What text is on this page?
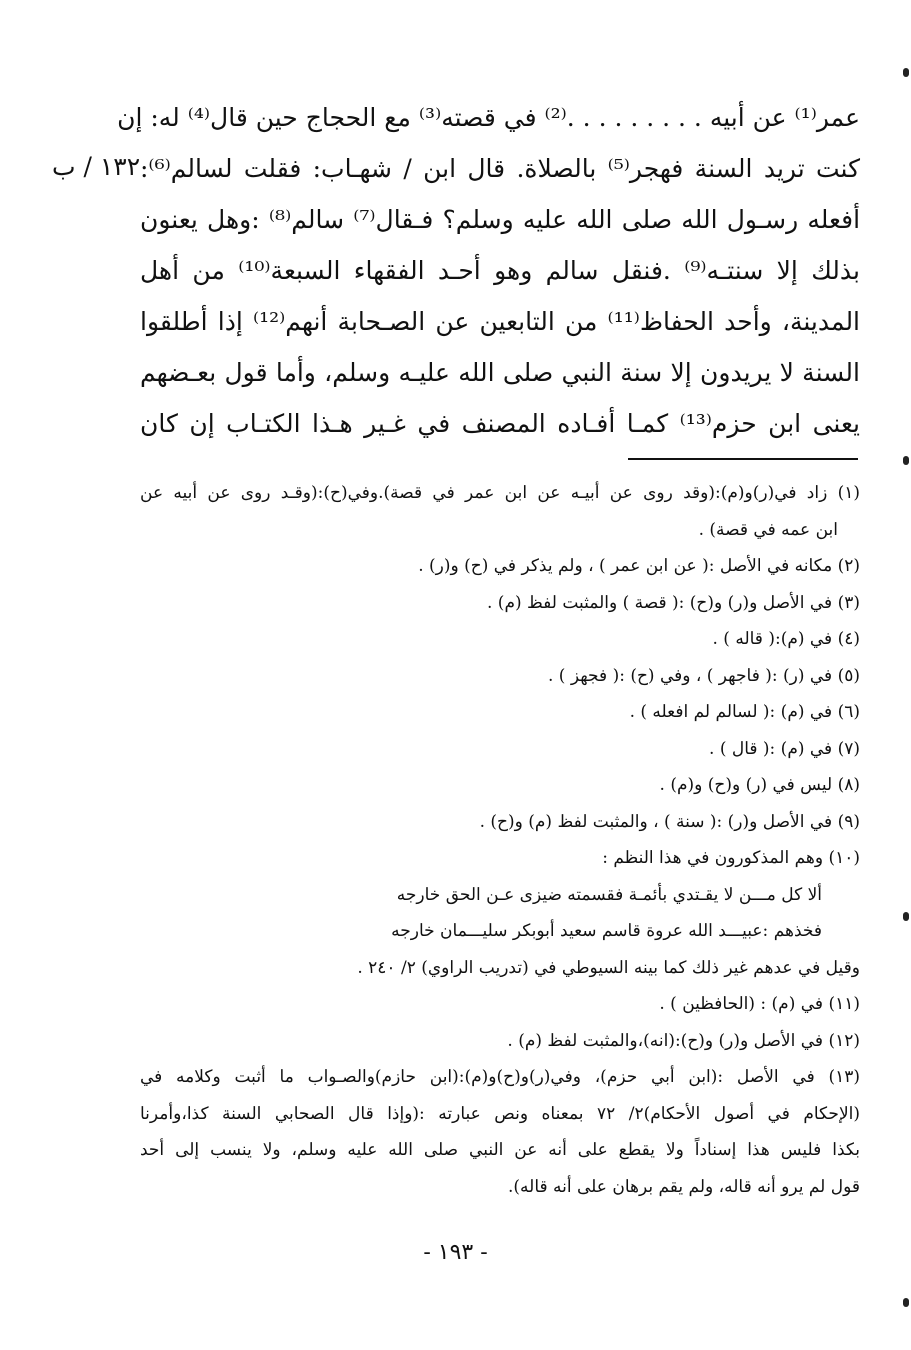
١٣٢ / ب
عمر⁽¹⁾ عن أبيه . . . . . . . . .⁽²⁾ في قصته⁽³⁾ مع الحجاج حين قال⁽⁴⁾ له: إن
كنت تريد السنة فهجر⁽⁵⁾ بالصلاة. قال ابن / شهـاب: فقلت لسالم⁽⁶⁾:
أفعله رسـول الله صلى الله عليه وسلم؟ فـقال⁽⁷⁾ سالم⁽⁸⁾ :وهل يعنون
بذلك إلا سنتـه⁽⁹⁾ .فنقل سالم وهو أحـد الفقهاء السبعة⁽¹⁰⁾ من أهل
المدينة، وأحد الحفاظ⁽¹¹⁾ من التابعين عن الصـحابة أنهم⁽¹²⁾ إذا أطلقوا
السنة لا يريدون إلا سنة النبي صلى الله عليـه وسلم، وأما قول بعـضهم
يعنى ابن حزم⁽¹³⁾ كمـا أفـاده المصنف في غـير هـذا الكتـاب إن كان
(١) زاد في(ر)و(م):(وقد روى عن أبيـه عن ابن عمر في قصة).وفي(ح):(وقـد روى عن أبيه عن
ابن عمه في قصة) .
(٢) مكانه في الأصل :( عن ابن عمر ) ، ولم يذكر في (ح) و(ر) .
(٣) في الأصل و(ر) و(ح) :( قصة ) والمثبت لفظ (م) .
(٤) في (م):( قاله ) .
(٥) في (ر) :( فاجهر ) ، وفي (ح) :( فجهز ) .
(٦) في (م) :( لسالم لم افعله ) .
(٧) في (م) :( قال ) .
(٨) ليس في (ر) و(ح) و(م) .
(٩) في الأصل و(ر) :( سنة ) ، والمثبت لفظ (م) و(ح) .
(١٠) وهم المذكورون في هذا النظم :
ألا كل مـــن لا يقـتدي بأئمـة فقسمته ضيزى عـن الحق خارجه
فخذهم :عبيـــد الله عروة قاسم سعيد أبوبكر سليـــمان خارجه
وقيل في عدهم غير ذلك كما بينه السيوطي في (تدريب الراوي) ٢/ ٢٤٠ .
(١١) في (م) : (الحافظين ) .
(١٢) في الأصل و(ر) و(ح):(انه)،والمثبت لفظ (م) .
(١٣) في الأصل :(ابن أبي حزم)، وفي(ر)و(ح)و(م):(ابن حازم)والصـواب ما أثبت وكلامه في
(الإحكام في أصول الأحكام)٢/ ٧٢ بمعناه ونص عبارته :(وإذا قال الصحابي السنة كذا،وأمرنا
بكذا فليس هذا إسناداً ولا يقطع على أنه عن النبي صلى الله عليه وسلم، ولا ينسب إلى أحد
قول لم يرو أنه قاله، ولم يقم برهان على أنه قاله).
- ١٩٣ -
